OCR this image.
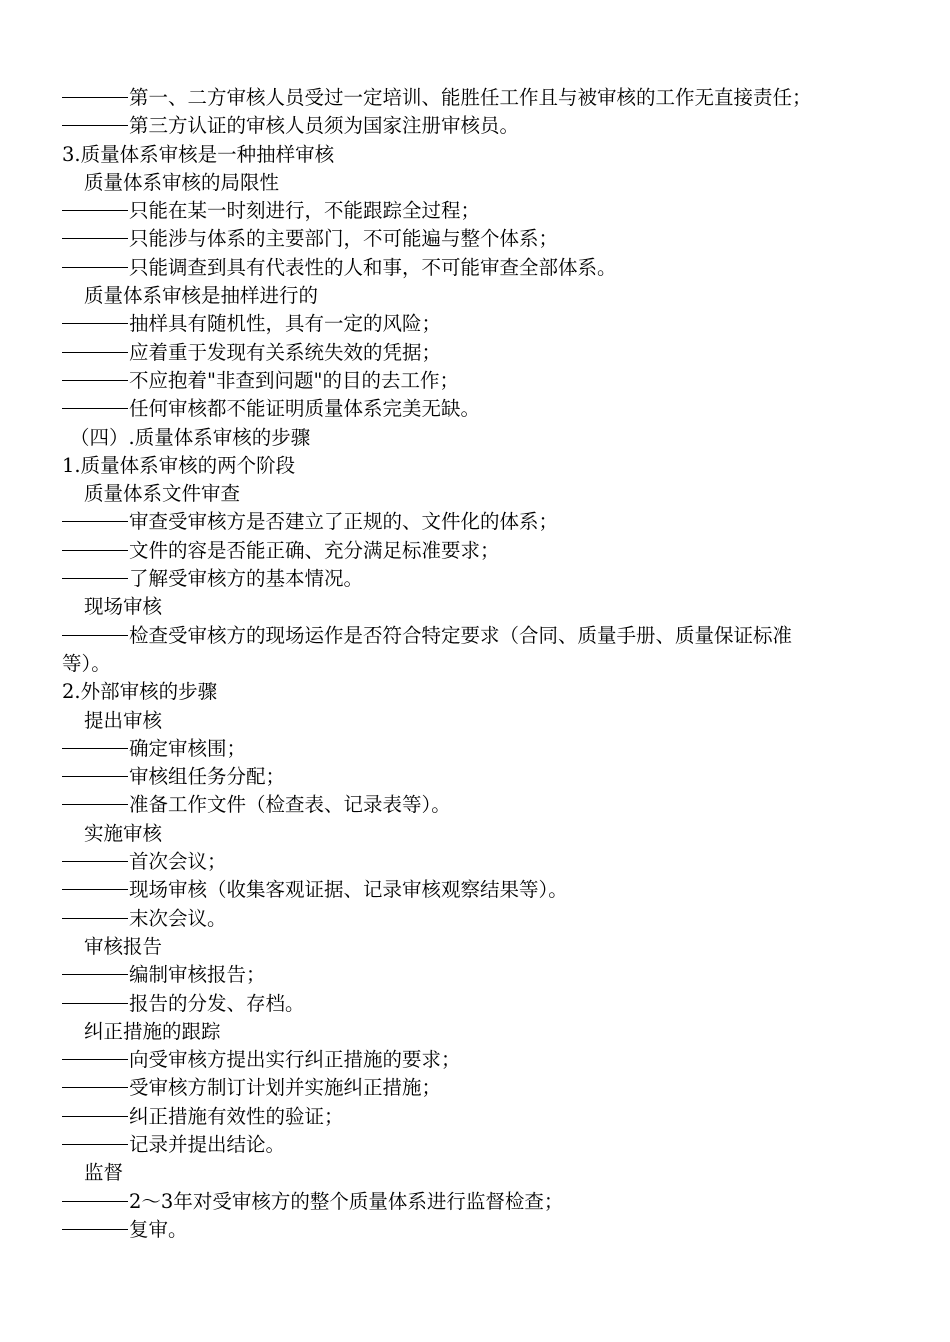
第一、二方审核人员受过一定培训、能胜任工作且与被审核的工作无直接责任；
第三方认证的审核人员须为国家注册审核员。
3.质量体系审核是一种抽样审核
质量体系审核的局限性
只能在某一时刻进行，不能跟踪全过程；
只能涉与体系的主要部门，不可能遍与整个体系；
只能调查到具有代表性的人和事，不可能审查全部体系。
质量体系审核是抽样进行的
抽样具有随机性，具有一定的风险；
应着重于发现有关系统失效的凭据；
不应抱着"非查到问题"的目的去工作；
任何审核都不能证明质量体系完美无缺。
（四）.质量体系审核的步骤
1.质量体系审核的两个阶段
质量体系文件审查
审查受审核方是否建立了正规的、文件化的体系；
文件的容是否能正确、充分满足标准要求；
了解受审核方的基本情况。
现场审核
检查受审核方的现场运作是否符合特定要求（合同、质量手册、质量保证标准
等）。
2.外部审核的步骤
提出审核
确定审核围；
审核组任务分配；
准备工作文件（检查表、记录表等）。
实施审核
首次会议；
现场审核（收集客观证据、记录审核观察结果等）。
末次会议。
审核报告
编制审核报告；
报告的分发、存档。
纠正措施的跟踪
向受审核方提出实行纠正措施的要求；
受审核方制订计划并实施纠正措施；
纠正措施有效性的验证；
记录并提出结论。
监督
2～3年对受审核方的整个质量体系进行监督检查；
复审。
